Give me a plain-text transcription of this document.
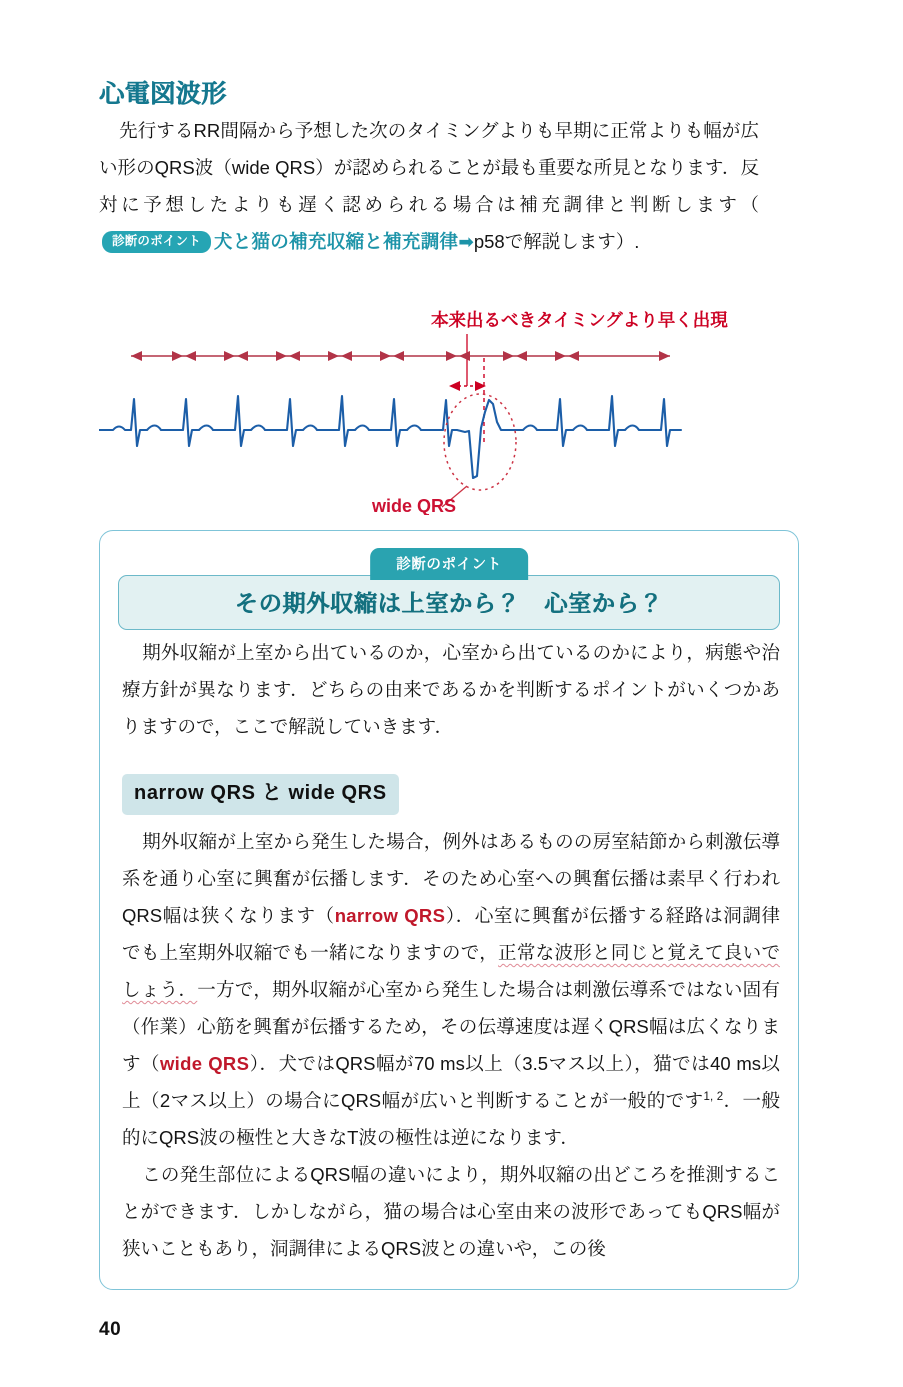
心電図波形

先行するRR間隔から予想した次のタイミングよりも早期に正常よりも幅が広い形のQRS波（wide QRS）が認められることが最も重要な所見となります．反対に予想したよりも遅く認められる場合は補充調律と判断します（診断のポイント 犬と猫の補充収縮と補充調律➡p58で解説します）.

本来出るべきタイミングより早く出現
wide QRS
診断のポイント
その期外収縮は上室から？　心室から？

期外収縮が上室から出ているのか，心室から出ているのかにより，病態や治療方針が異なります．どちらの由来であるかを判断するポイントがいくつかありますので，ここで解説していきます．

narrow QRS と wide QRS

期外収縮が上室から発生した場合，例外はあるものの房室結節から刺激伝導系を通り心室に興奮が伝播します．そのため心室への興奮伝播は素早く行われQRS幅は狭くなります（narrow QRS）．心室に興奮が伝播する経路は洞調律でも上室期外収縮でも一緒になりますので，正常な波形と同じと覚えて良いでしょう．一方で，期外収縮が心室から発生した場合は刺激伝導系ではない固有（作業）心筋を興奮が伝播するため，その伝導速度は遅くQRS幅は広くなります（wide QRS）．犬ではQRS幅が70 ms以上（3.5マス以上），猫では40 ms以上（2マス以上）の場合にQRS幅が広いと判断することが一般的です$^{1, 2}$．一般的にQRS波の極性と大きなT波の極性は逆になります．

この発生部位によるQRS幅の違いにより，期外収縮の出どころを推測することができます．しかしながら，猫の場合は心室由来の波形であってもQRS幅が狭いこともあり，洞調律によるQRS波との違いや，この後

40
